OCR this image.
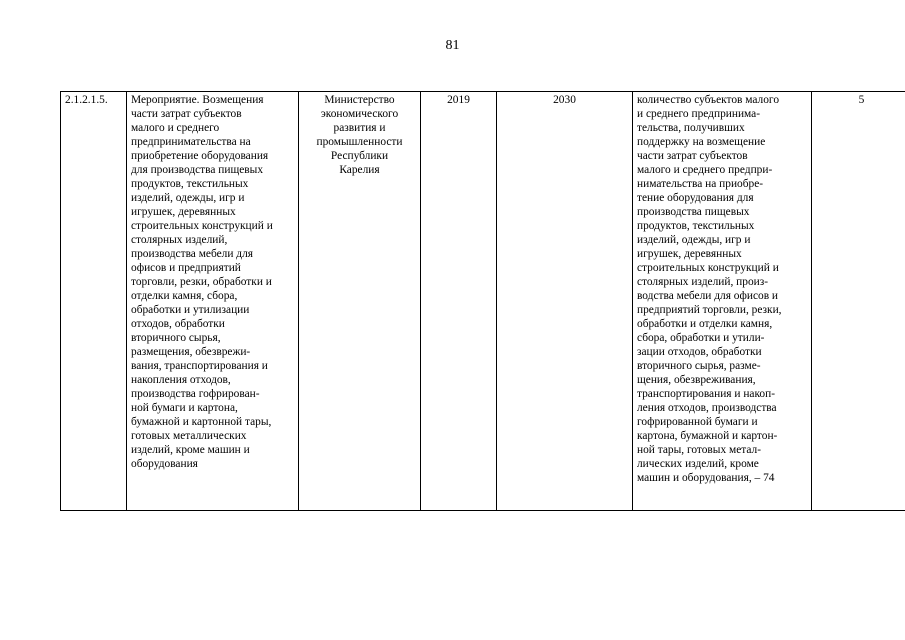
81
2.1.2.1.5.	Мероприятие. Возмещения
части затрат субъектов
малого и среднего
предпринимательства на
приобретение оборудования
для производства пищевых
продуктов, текстильных
изделий, одежды, игр и
игрушек, деревянных
строительных конструкций и
столярных изделий,
производства мебели для
офисов и предприятий
торговли, резки, обработки и
отделки камня, сбора,
обработки и утилизации
отходов, обработки
вторичного сырья,
размещения, обезврежи-
вания, транспортирования и
накопления отходов,
производства гофрирован-
ной бумаги и картона,
бумажной и картонной тары,
готовых металлических
изделий, кроме машин и
оборудования	Министерство
экономического
развития и
промышленности
Республики
Карелия	2019	2030	количество субъектов малого
и среднего предпринима-
тельства, получивших
поддержку на возмещение
части затрат субъектов
малого и среднего предпри-
нимательства на приобре-
тение оборудования для
производства пищевых
продуктов, текстильных
изделий, одежды, игр и
игрушек, деревянных
строительных конструкций и
столярных изделий, произ-
водства мебели для офисов и
предприятий торговли, резки,
обработки и отделки камня,
сбора, обработки и утили-
зации отходов, обработки
вторичного сырья, разме-
щения, обезвреживания,
транспортирования и накоп-
ления отходов, производства
гофрированной бумаги и
картона, бумажной и картон-
ной тары, готовых метал-
лических изделий, кроме
машин и оборудования, – 74	5
